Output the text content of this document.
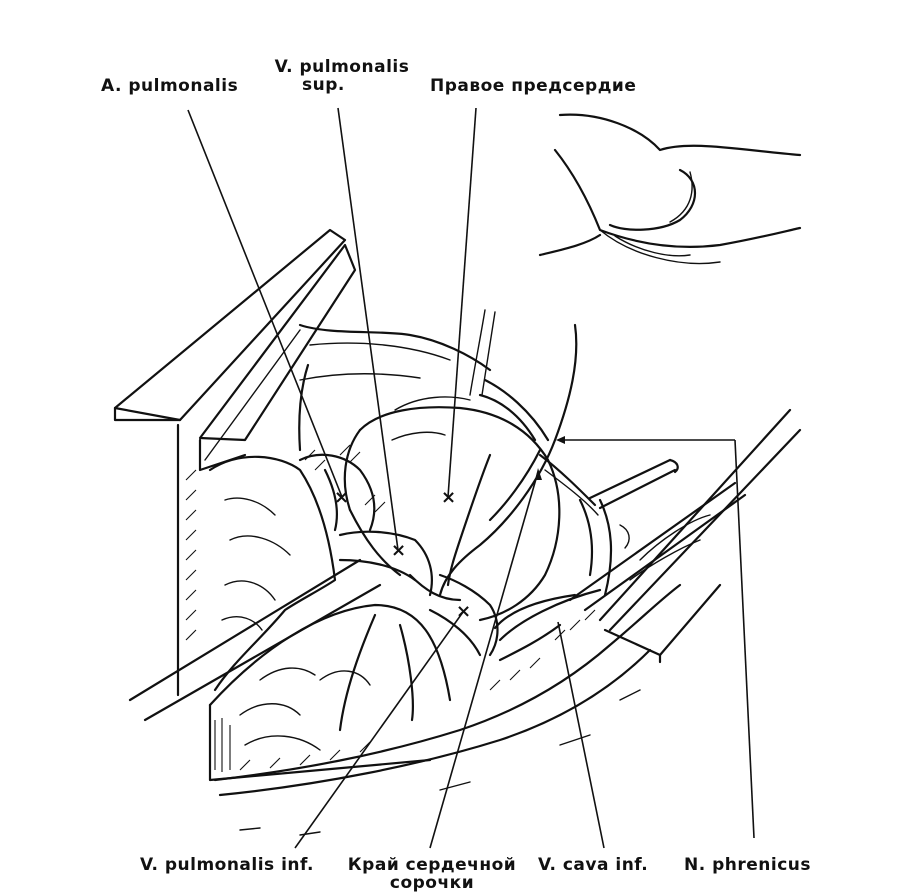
×
×
×
×
A. pulmonalis
V. pulmonalis
sup.	Правое предсердие
V. pulmonalis inf.	Край сердечной
сорочки
V. cava inf. N. phrenicus
